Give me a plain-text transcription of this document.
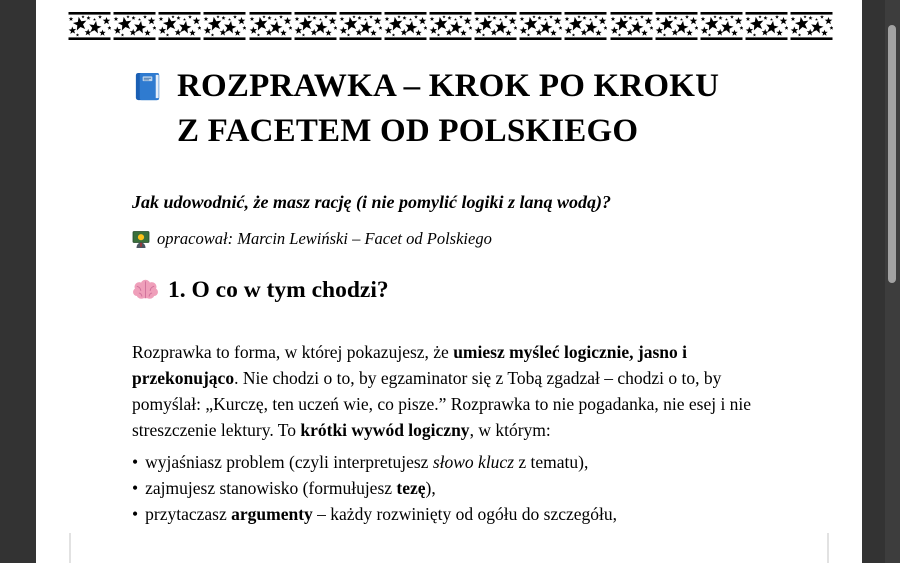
ROZPRAWKA – KROK PO KROKU
Z FACETEM OD POLSKIEGO
Jak udowodnić, że masz rację (i nie pomylić logiki z laną wodą)?
opracował: Marcin Lewiński – Facet od Polskiego
1. O co w tym chodzi?

Rozprawka to forma, w której pokazujesz, że umiesz myśleć logicznie, jasno i przekonująco. Nie chodzi o to, by egzaminator się z Tobą zgadzał – chodzi o to, by pomyślał: „Kurczę, ten uczeń wie, co pisze.” Rozprawka to nie pogadanka, nie esej i nie streszczenie lektury. To krótki wywód logiczny, w którym:

• wyjaśniasz problem (czyli interpretujesz słowo klucz z tematu),
• zajmujesz stanowisko (formułujesz tezę),
• przytaczasz argumenty – każdy rozwinięty od ogółu do szczegółu,
